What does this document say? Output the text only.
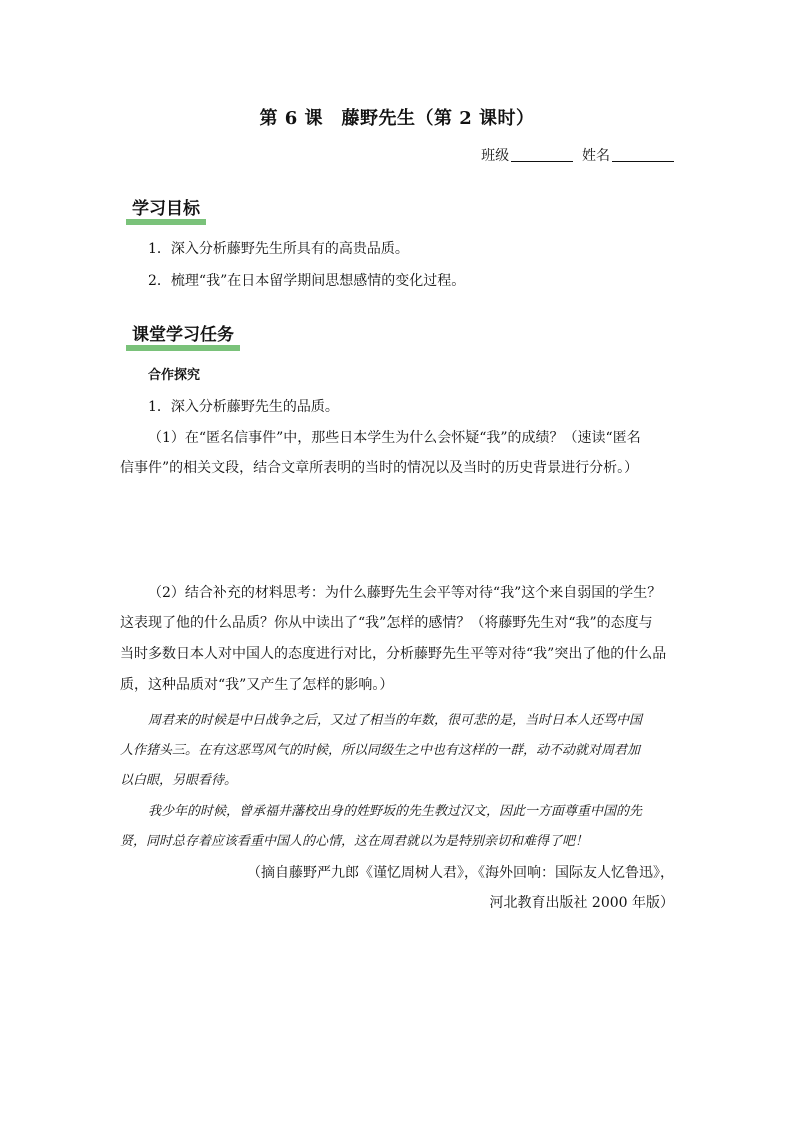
第 6 课　藤野先生（第 2 课时）
班级	姓名
学习目标
1．深入分析藤野先生所具有的高贵品质。
2．梳理“我”在日本留学期间思想感情的变化过程。
课堂学习任务
合作探究
1．深入分析藤野先生的品质。
（1）在“匿名信事件”中，那些日本学生为什么会怀疑“我”的成绩？（速读“匿名
信事件”的相关文段，结合文章所表明的当时的情况以及当时的历史背景进行分析。）
（2）结合补充的材料思考：为什么藤野先生会平等对待“我”这个来自弱国的学生？
这表现了他的什么品质？你从中读出了“我”怎样的感情？（将藤野先生对“我”的态度与
当时多数日本人对中国人的态度进行对比，分析藤野先生平等对待“我”突出了他的什么品
质，这种品质对“我”又产生了怎样的影响。）
周君来的时候是中日战争之后，又过了相当的年数，很可悲的是，当时日本人还骂中国
人作猪头三。在有这恶骂风气的时候，所以同级生之中也有这样的一群，动不动就对周君加
以白眼，另眼看待。
我少年的时候，曾承福井藩校出身的姓野坂的先生教过汉文，因此一方面尊重中国的先
贤，同时总存着应该看重中国人的心情，这在周君就以为是特别亲切和难得了吧！
（摘自藤野严九郎《谨忆周树人君》，《海外回响：国际友人忆鲁迅》，
河北教育出版社 2000 年版）
